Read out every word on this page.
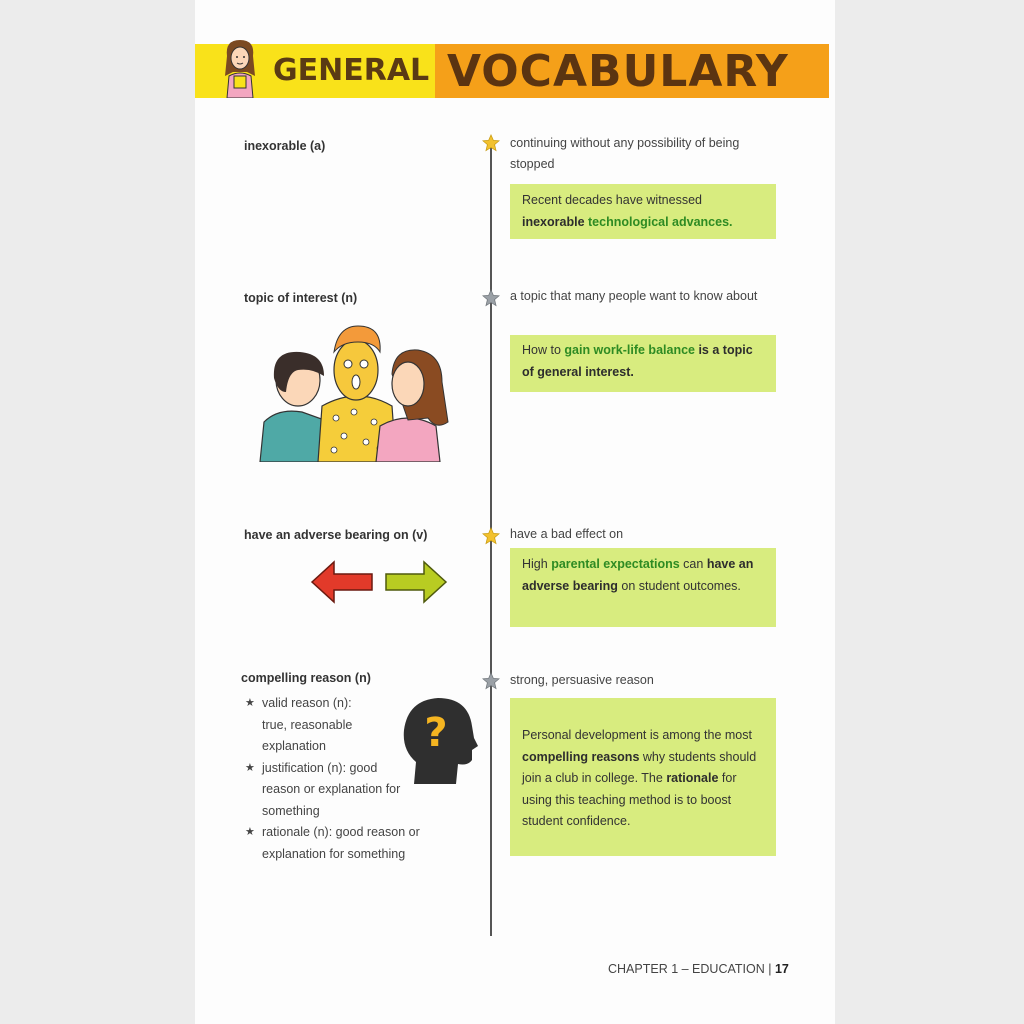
GENERAL VOCABULARY
inexorable (a)	continuing without any possibility of being stopped
Recent decades have witnessed inexorable technological advances.
topic of interest (n)	a topic that many people want to know about
How to gain work-life balance is a topic of general interest.
have an adverse bearing on (v)	have a bad effect on
High parental expectations can have an adverse bearing on student outcomes.
compelling reason (n)	strong, persuasive reason
Personal development is among the most compelling reasons why students should join a club in college. The rationale for using this teaching method is to boost student confidence.
★ valid reason (n): true, reasonable explanation
★ justification (n): good reason or explanation for something
★ rationale (n): good reason or explanation for something
?
CHAPTER 1 – EDUCATION | 17
